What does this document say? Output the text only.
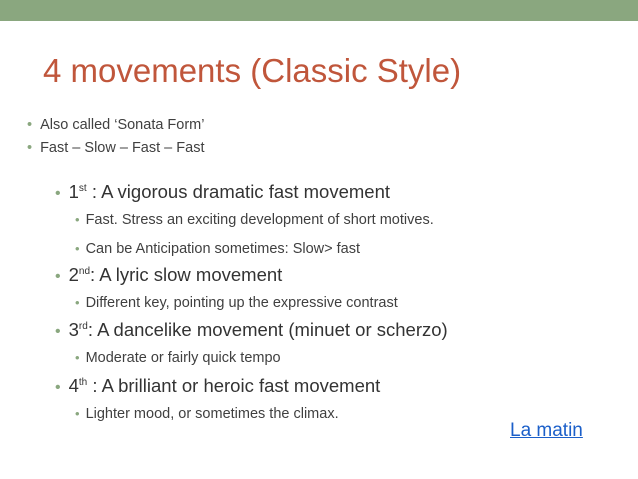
4 movements (Classic Style)
• Also called ‘Sonata Form’
• Fast – Slow – Fast – Fast
• 1st : A vigorous dramatic fast movement
• Fast. Stress an exciting development of short motives.
• Can be Anticipation sometimes: Slow> fast
• 2nd: A lyric slow movement
• Different key, pointing up the expressive contrast
• 3rd: A dancelike movement (minuet or scherzo)
• Moderate or fairly quick tempo
• 4th : A brilliant or heroic fast movement
• Lighter mood, or sometimes the climax.
La matin
